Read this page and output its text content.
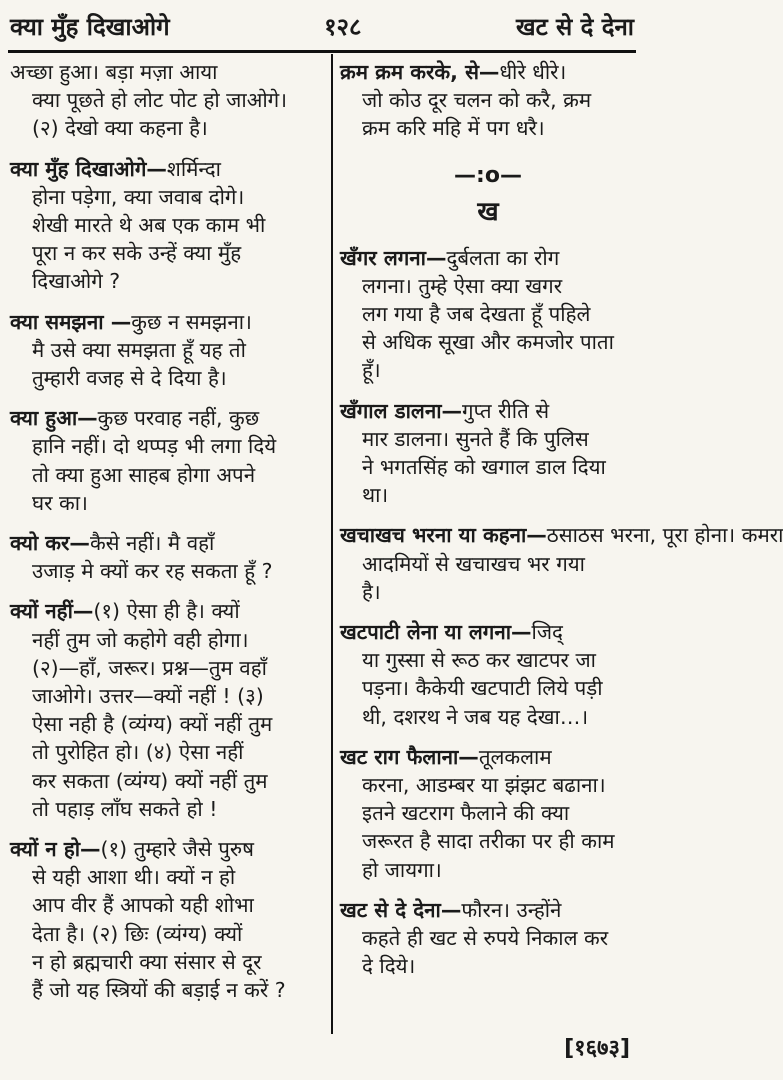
क्या मुँह दिखाओगे	१२८	खट से दे देना
अच्छा हुआ। बड़ा मज़ा आया
क्या पूछते हो लोट पोट हो जाओगे।
(२) देखो क्या कहना है।
क्या मुँह दिखाओगे—शर्मिन्दा
होना पड़ेगा, क्या जवाब दोगे।
शेखी मारते थे अब एक काम भी
पूरा न कर सके उन्हें क्या मुँह
दिखाओगे ?
क्या समझना —कुछ न समझना।
मै उसे क्या समझता हूँ यह तो
तुम्हारी वजह से दे दिया है।
क्या हुआ—कुछ परवाह नहीं, कुछ
हानि नहीं। दो थप्पड़ भी लगा दिये
तो क्या हुआ साहब होगा अपने
घर का।
क्यो कर—कैसे नहीं। मै वहाँ
उजाड़ मे क्यों कर रह सकता हूँ ?
क्यों नहीं—(१) ऐसा ही है। क्यों
नहीं तुम जो कहोगे वही होगा।
(२)—हाँ, जरूर। प्रश्न—तुम वहाँ
जाओगे। उत्तर—क्यों नहीं ! (३)
ऐसा नही है (व्यंग्य) क्यों नहीं तुम
तो पुरोहित हो। (४) ऐसा नहीं
कर सकता (व्यंग्य) क्यों नहीं तुम
तो पहाड़ लाँघ सकते हो !
क्यों न हो—(१) तुम्हारे जैसे पुरुष
से यही आशा थी। क्यों न हो
आप वीर हैं आपको यही शोभा
देता है। (२) छिः (व्यंग्य) क्यों
न हो ब्रह्मचारी क्या संसार से दूर
हैं जो यह स्त्रियों की बड़ाई न करें ?
क्रम क्रम करके, से—धीरे धीरे।
जो कोउ दूर चलन को करै, क्रम
क्रम करि महि में पग धरै।
—:o—
ख
खँगर लगना—दुर्बलता का रोग
लगना। तुम्हे ऐसा क्या खगर
लग गया है जब देखता हूँ पहिले
से अधिक सूखा और कमजोर पाता
हूँ।
खँगाल डालना—गुप्त रीति से
मार डालना। सुनते हैं कि पुलिस
ने भगतसिंह को खगाल डाल दिया
था।
खचाखच भरना या कहना—ठसाठस भरना, पूरा होना। कमरा
आदमियों से खचाखच भर गया
है।
खटपाटी लेना या लगना—जिद्
या गुस्सा से रूठ कर खाटपर जा
पड़ना। कैकेयी खटपाटी लिये पड़ी
थी, दशरथ ने जब यह देखा…।
खट राग फैलाना—तूलकलाम
करना, आडम्बर या झंझट बढाना।
इतने खटराग फैलाने की क्या
जरूरत है सादा तरीका पर ही काम
हो जायगा।
खट से दे देना—फौरन। उन्होंने
कहते ही खट से रुपये निकाल कर
दे दिये।
[१६७३]
